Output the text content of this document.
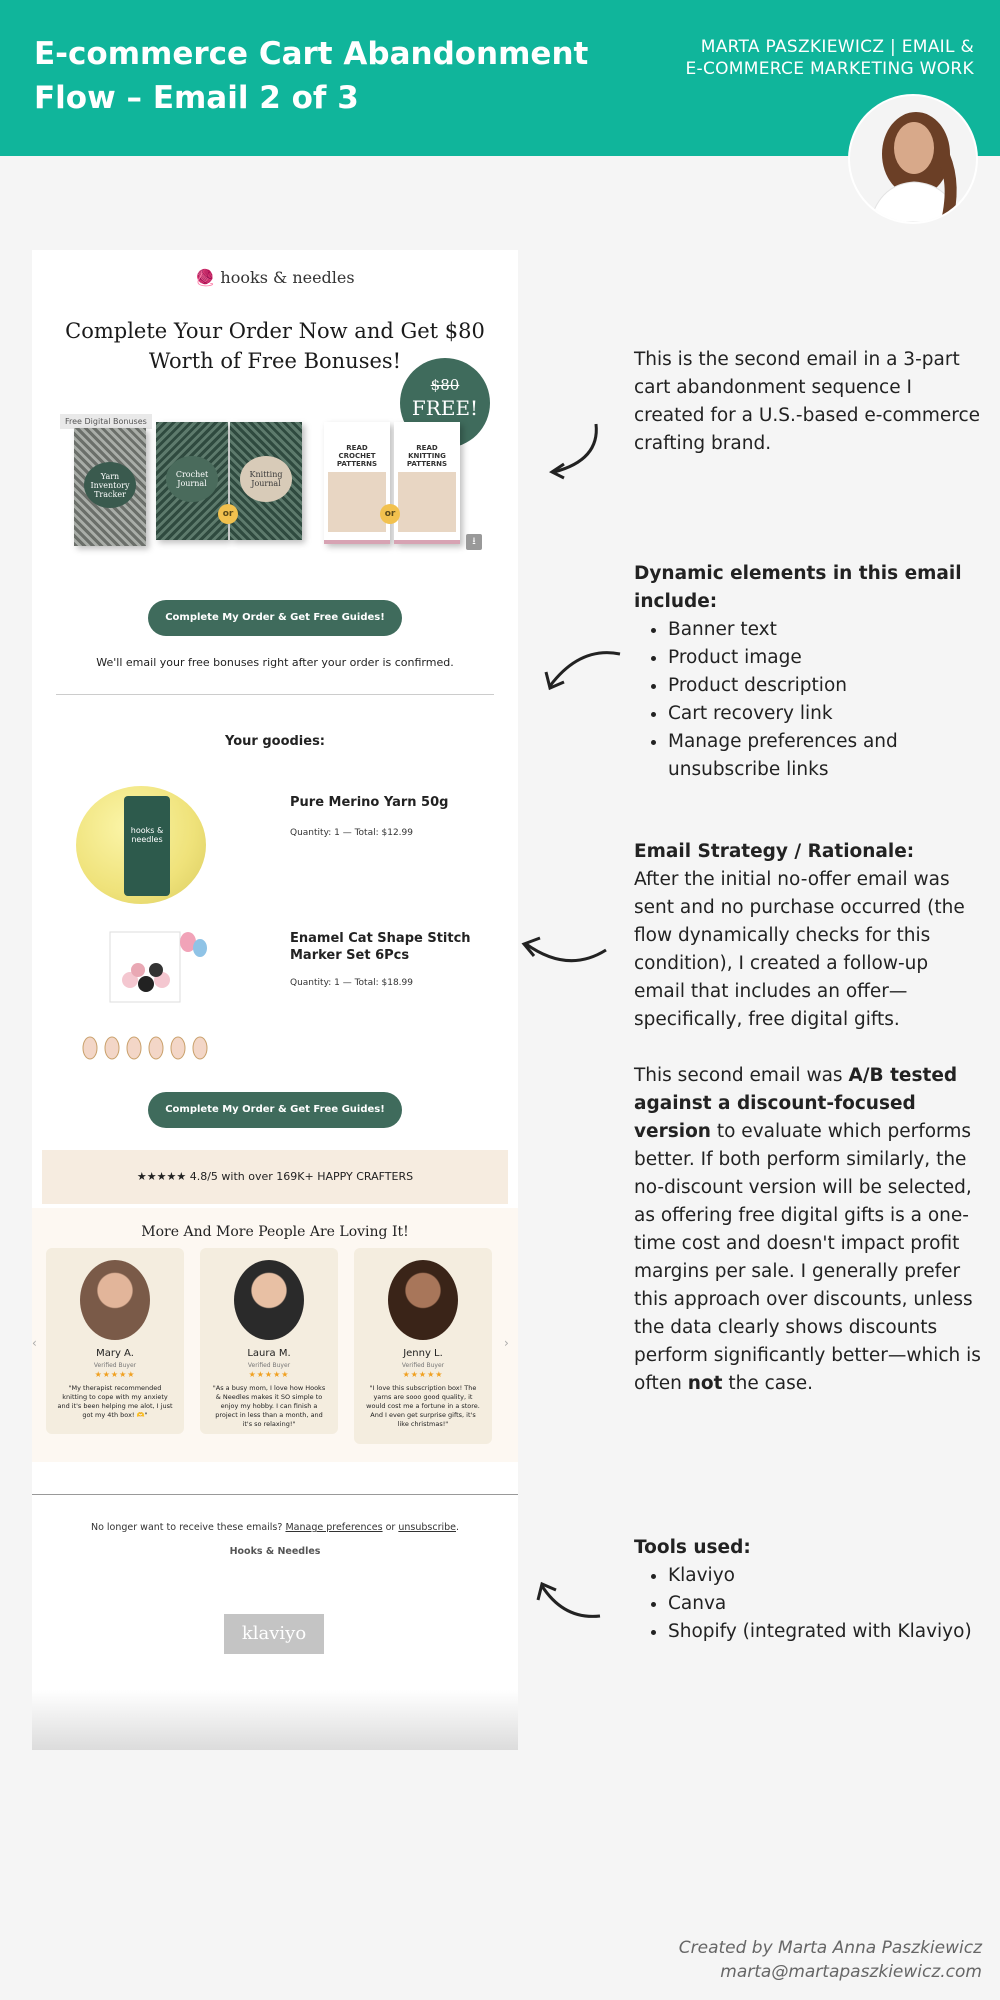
E-commerce Cart Abandonment
Flow – Email 2 of 3
MARTA PASZKIEWICZ | EMAIL &
E-COMMERCE MARKETING WORK
🧶 hooks & needles
Complete Your Order Now and Get $80 Worth of Free Bonuses!
$80
FREE!
Free Digital Bonuses
Yarn Inventory Tracker
Crochet Journal
Knitting Journal
or
READ CROCHET PATTERNS
READ KNITTING PATTERNS
or
⭳
Complete My Order & Get Free Guides!
We'll email your free bonuses right after your order is confirmed.
Your goodies:
hooks & needles
Pure Merino Yarn 50g
Quantity: 1 — Total: $12.99
Enamel Cat Shape Stitch Marker Set 6Pcs
Quantity: 1 — Total: $18.99
Complete My Order & Get Free Guides!
★★★★★ 4.8/5 with over 169K+ HAPPY CRAFTERS
More And More People Are Loving It!
‹	›
Mary A.
Verified Buyer
★★★★★
"My therapist recommended knitting to cope with my anxiety and it's been helping me alot, I just got my 4th box! 🫶"
Laura M.
Verified Buyer
★★★★★
"As a busy mom, I love how Hooks & Needles makes it SO simple to enjoy my hobby. I can finish a project in less than a month, and it's so relaxing!"
Jenny L.
Verified Buyer
★★★★★
"I love this subscription box! The yarns are sooo good quality, it would cost me a fortune in a store. And I even get surprise gifts, it's like christmas!"
No longer want to receive these emails? Manage preferences or unsubscribe.
Hooks & Needles
klaviyo
This is the second email in a 3-part cart abandonment sequence I created for a U.S.-based e-commerce crafting brand.

Dynamic elements in this email include:

• Banner text
• Product image
• Product description
• Cart recovery link
• Manage preferences and unsubscribe links

Email Strategy / Rationale:

After the initial no-offer email was sent and no purchase occurred (the flow dynamically checks for this condition), I created a follow-up email that includes an offer—specifically, free digital gifts.

This second email was A/B tested against a discount-focused version to evaluate which performs better. If both perform similarly, the no-discount version will be selected, as offering free digital gifts is a one-time cost and doesn't impact profit margins per sale. I generally prefer this approach over discounts, unless the data clearly shows discounts perform significantly better—which is often not the case.

Tools used:

• Klaviyo
• Canva
• Shopify (integrated with Klaviyo)
Created by Marta Anna Paszkiewicz
marta@martapaszkiewicz.com
